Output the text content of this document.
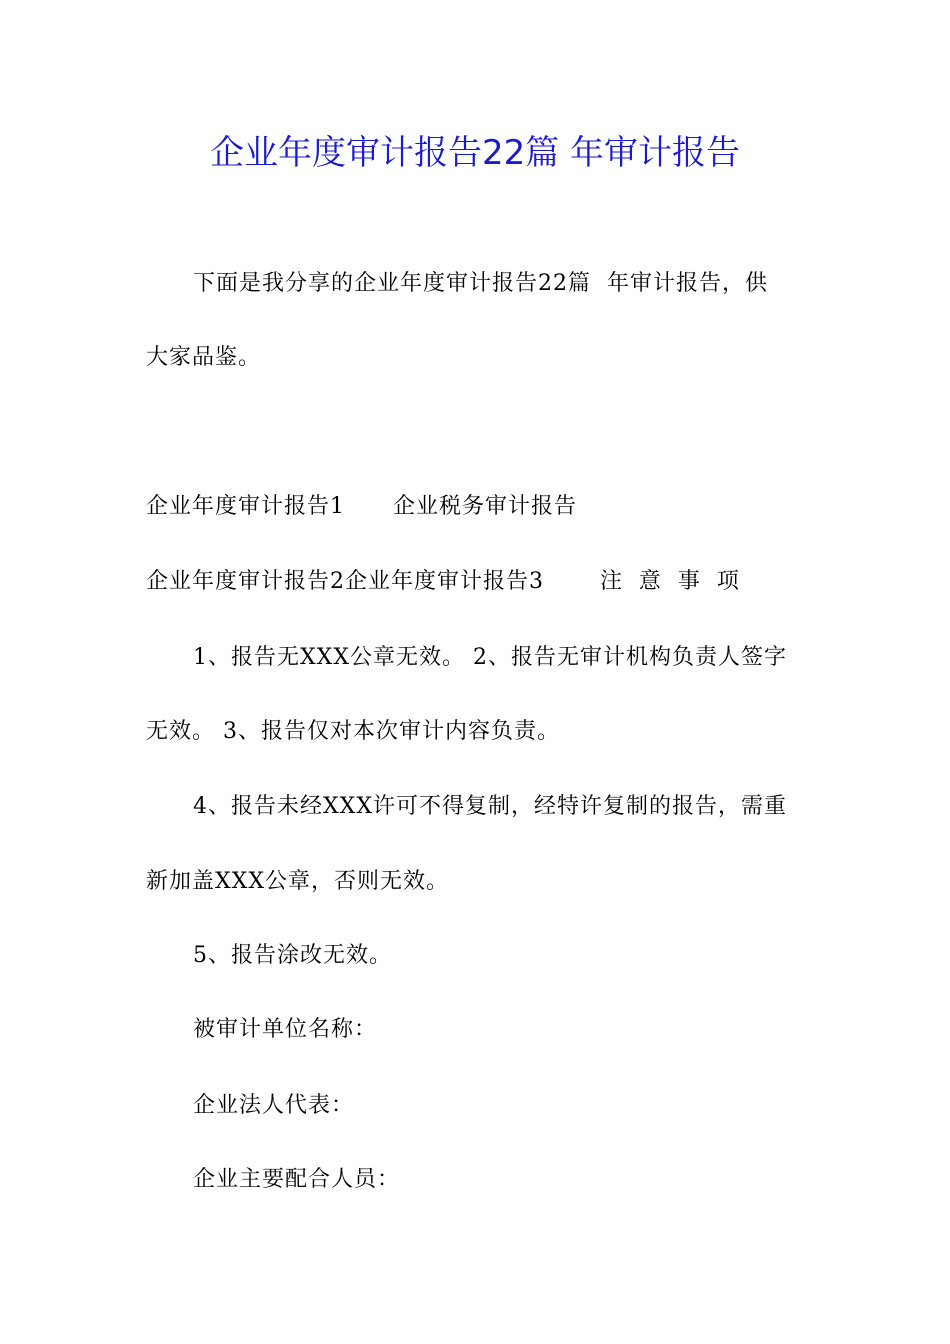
企业年度审计报告22篇 年审计报告
下面是我分享的企业年度审计报告22篇  年审计报告，供
大家品鉴。
企业年度审计报告1      企业税务审计报告
企业年度审计报告2企业年度审计报告3       注  意  事  项
1、报告无XXX公章无效。 2、报告无审计机构负责人签字
无效。 3、报告仅对本次审计内容负责。
4、报告未经XXX许可不得复制，经特许复制的报告，需重
新加盖XXX公章，否则无效。
5、报告涂改无效。
被审计单位名称：
企业法人代表：
企业主要配合人员：
